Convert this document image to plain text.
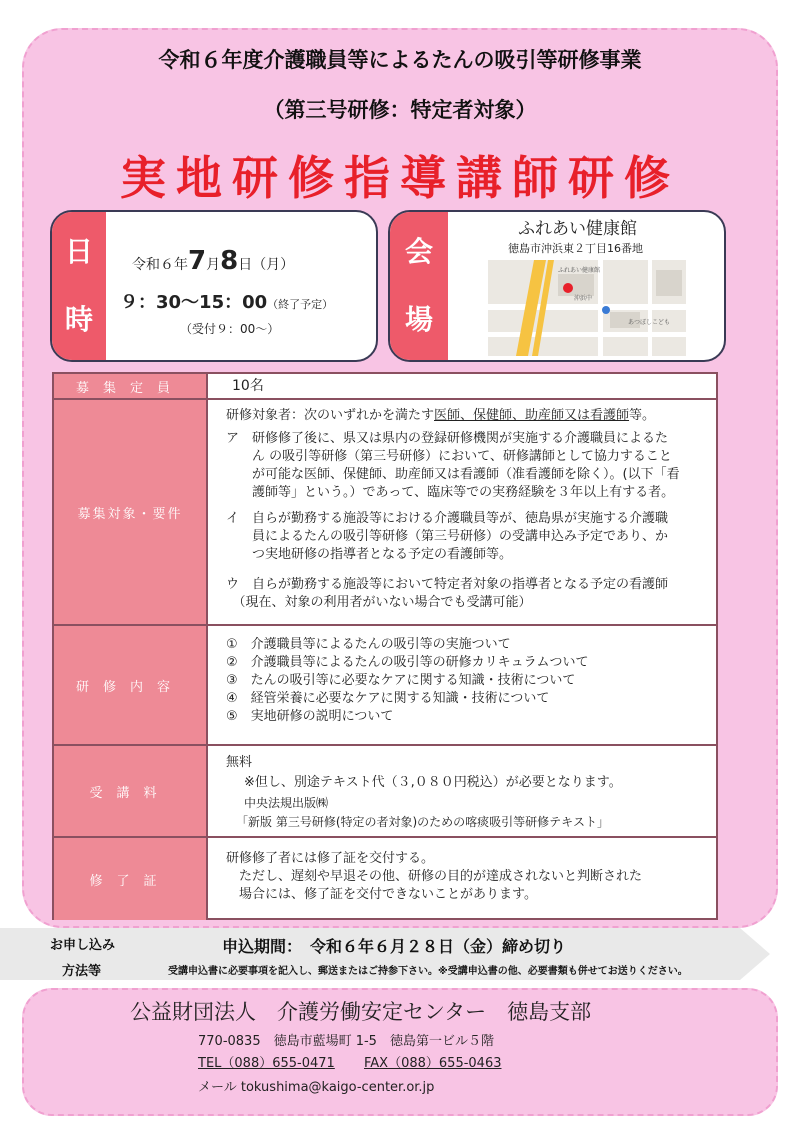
令和６年度介護職員等によるたんの吸引等研修事業
（第三号研修：特定者対象）
実地研修指導講師研修
日
時
令和６年7月8日（月）
９：30～15：00（終了予定）
（受付９：00～）
会
場
ふれあい健康館
徳島市沖浜東２丁目16番地
ふれあい健康館
沖浜中
あつぼしこども
募集定員	10名
募集対象・要件
研修対象者：次のいずれかを満たす医師、保健師、助産師又は看護師等。
ア　研修修了後に、県又は県内の登録研修機関が実施する介護職員によるた
　　ん の吸引等研修（第三号研修）において、研修講師として協力すること
　　が可能な医師、保健師、助産師又は看護師（准看護師を除く）。(以下「看
　　護師等」という。）であって、臨床等での実務経験を３年以上有する者。
イ　自らが勤務する施設等における介護職員等が、徳島県が実施する介護職
　　員によるたんの吸引等研修（第三号研修）の受講申込み予定であり、か
　　つ実地研修の指導者となる予定の看護師等。
ウ　自らが勤務する施設等において特定者対象の指導者となる予定の看護師
　（現在、対象の利用者がいない場合でも受講可能）
研修内容
①　介護職員等によるたんの吸引等の実施ついて
②　介護職員等によるたんの吸引等の研修カリキュラムついて
③　たんの吸引等に必要なケアに関する知識・技術について
④　経管栄養に必要なケアに関する知識・技術について
⑤　実地研修の説明について
受講料
無料
※但し、別途テキスト代（３,０８０円税込）が必要となります。
中央法規出版㈱
「新版 第三号研修(特定の者対象)のための喀痰吸引等研修テキスト」
修了証
研修修了者には修了証を交付する。
　ただし、遅刻や早退その他、研修の目的が達成されないと判断された
　場合には、修了証を交付できないことがあります。
お申し込み
方法等
申込期間：　令和６年６月２８日（金）締め切り
受講申込書に必要事項を記入し、郵送またはご持参下さい。※受講申込書の他、必要書類も併せてお送りください。
公益財団法人　介護労働安定センター　徳島支部
770-0835　徳島市藍場町 1-5　徳島第一ビル５階
TEL（088）655-0471 FAX（088）655-0463
メール tokushima@kaigo-center.or.jp
